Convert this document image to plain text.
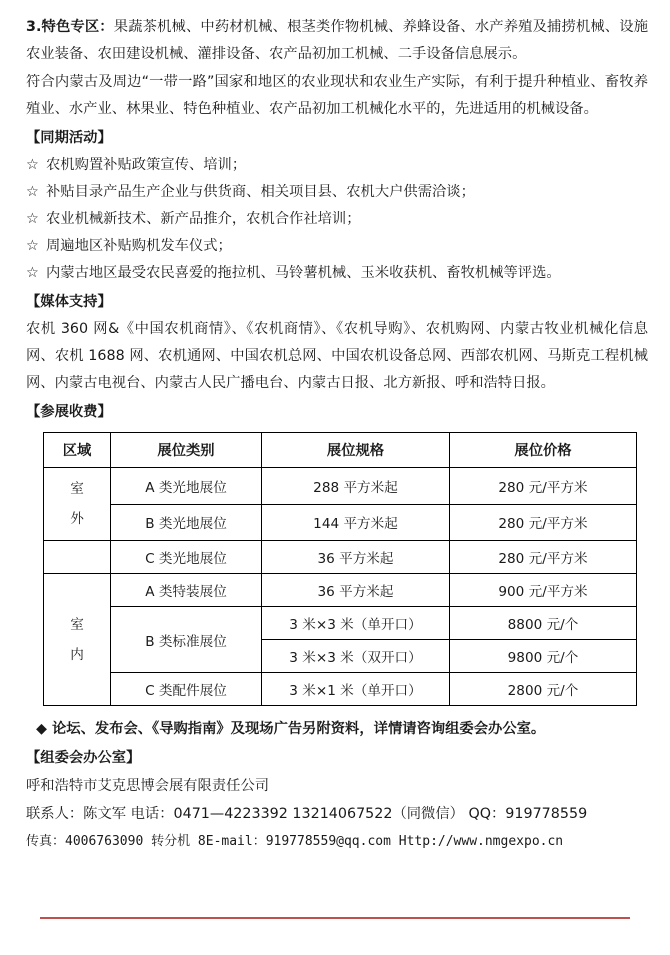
3.特色专区：果蔬茶机械、中药材机械、根茎类作物机械、养蜂设备、水产养殖及捕捞机械、设施农业装备、农田建设机械、灌排设备、农产品初加工机械、二手设备信息展示。

符合内蒙古及周边“一带一路”国家和地区的农业现状和农业生产实际，有利于提升种植业、畜牧养殖业、水产业、林果业、特色种植业、农产品初加工机械化水平的，先进适用的机械设备。

【同期活动】

☆ 农机购置补贴政策宣传、培训；

☆ 补贴目录产品生产企业与供货商、相关项目县、农机大户供需洽谈；

☆ 农业机械新技术、新产品推介，农机合作社培训；

☆ 周遍地区补贴购机发车仪式；

☆ 内蒙古地区最受农民喜爱的拖拉机、马铃薯机械、玉米收获机、畜牧机械等评选。

【媒体支持】

农机 360 网&《中国农机商情》、《农机商情》、《农机导购》、农机购网、内蒙古牧业机械化信息网、农机 1688 网、农机通网、中国农机总网、中国农机设备总网、西部农机网、马斯克工程机械网、内蒙古电视台、内蒙古人民广播电台、内蒙古日报、北方新报、呼和浩特日报。

【参展收费】

区域	展位类别	展位规格	展位价格

室
外	A 类光地展位	288 平方米起	280 元/平方米
	B 类光地展位	144 平方米起	280 元/平方米
	C 类光地展位	36 平方米起	280 元/平方米

室
内	A 类特装展位	36 平方米起	900 元/平方米
	B 类标准展位	3 米×3 米（单开口）	8800 元/个
		3 米×3 米（双开口）	9800 元/个
	C 类配件展位	3 米×1 米（单开口）	2800 元/个

◆ 论坛、发布会、《导购指南》及现场广告另附资料，详情请咨询组委会办公室。

【组委会办公室】

呼和浩特市艾克思博会展有限责任公司

联系人：陈文军 电话：0471—4223392 13214067522（同微信） QQ：919778559

传真：4006763090 转分机 8E-mail：919778559@qq.com Http://www.nmgexpo.cn
